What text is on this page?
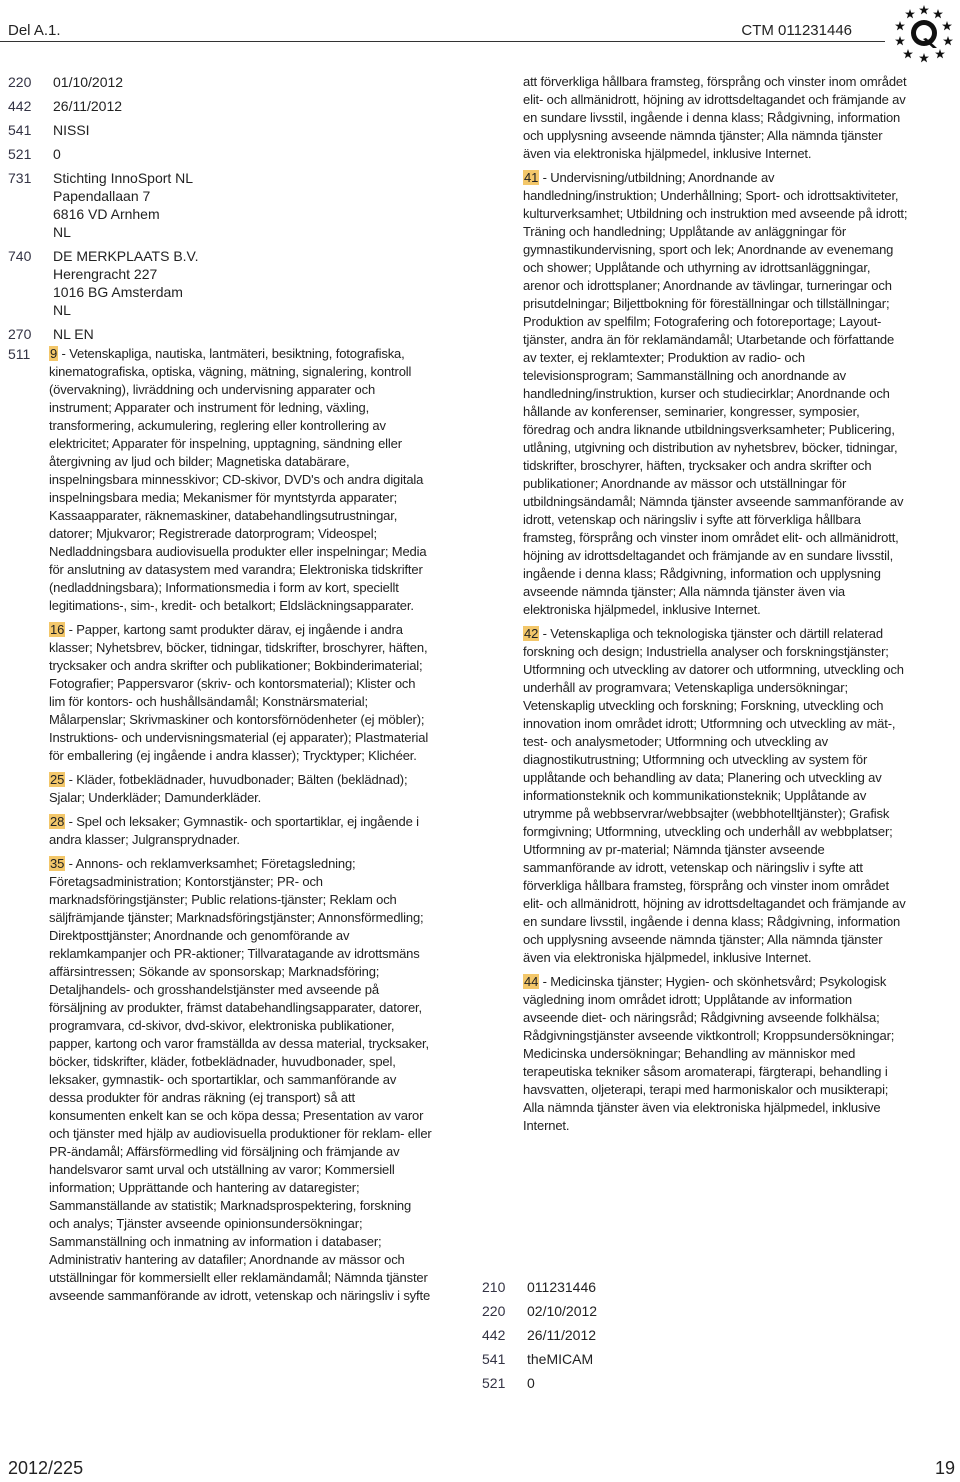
Del A.1.	CTM 011231446
220	01/10/2012
442	26/11/2012
541	NISSI
521	0
731	Stichting InnoSport NL
Papendallaan 7
6816 VD Arnhem
NL
740	DE MERKPLAATS B.V.
Herengracht 227
1016 BG Amsterdam
NL
270	NL EN
511 9 - Vetenskapliga, nautiska, lantmäteri, besiktning, fotografiska, kinematografiska, optiska, vägning, mätning, signalering, kontroll (övervakning), livräddning och undervisning apparater och instrument; Apparater och instrument för ledning, växling, transformering, ackumulering, reglering eller kontrollering av elektricitet; Apparater för inspelning, upptagning, sändning eller återgivning av ljud och bilder; Magnetiska databärare, inspelningsbara minnesskivor; CD-skivor, DVD's och andra digitala inspelningsbara media; Mekanismer för myntstyrda apparater; Kassaapparater, räknemaskiner, databehandlingsutrustningar, datorer; Mjukvaror; Registrerade datorprogram; Videospel; Nedladdningsbara audiovisuella produkter eller inspelningar; Media för anslutning av datasystem med varandra; Elektroniska tidskrifter (nedladdningsbara); Informationsmedia i form av kort, speciellt legitimations-, sim-, kredit- och betalkort; Eldsläckningsapparater.

16 - Papper, kartong samt produkter därav, ej ingående i andra klasser; Nyhetsbrev, böcker, tidningar, tidskrifter, broschyrer, häften, trycksaker och andra skrifter och publikationer; Bokbinderimaterial; Fotografier; Pappersvaror (skriv- och kontorsmaterial); Klister och lim för kontors- och hushållsändamål; Konstnärsmaterial; Målarpenslar; Skrivmaskiner och kontorsförnödenheter (ej möbler); Instruktions- och undervisningsmaterial (ej apparater); Plastmaterial för emballering (ej ingående i andra klasser); Trycktyper; Klichéer.

25 - Kläder, fotbeklädnader, huvudbonader; Bälten (beklädnad); Sjalar; Underkläder; Damunderkläder.

28 - Spel och leksaker; Gymnastik- och sportartiklar, ej ingående i andra klasser; Julgransprydnader.

35 - Annons- och reklamverksamhet; Företagsledning; Företagsadministration; Kontorstjänster; PR- och marknadsföringstjänster; Public relations-tjänster; Reklam och säljfrämjande tjänster; Marknadsföringstjänster; Annonsförmedling; Direktposttjänster; Anordnande och genomförande av reklamkampanjer och PR-aktioner; Tillvaratagande av idrottsmäns affärsintressen; Sökande av sponsorskap; Marknadsföring; Detaljhandels- och grosshandelstjänster med avseende på försäljning av produkter, främst databehandlingsapparater, datorer, programvara, cd-skivor, dvd-skivor, elektroniska publikationer, papper, kartong och varor framställda av dessa material, trycksaker, böcker, tidskrifter, kläder, fotbeklädnader, huvudbonader, spel, leksaker, gymnastik- och sportartiklar, och sammanförande av dessa produkter för andras räkning (ej transport) så att konsumenten enkelt kan se och köpa dessa; Presentation av varor och tjänster med hjälp av audiovisuella produktioner för reklam- eller PR-ändamål; Affärsförmedling vid försäljning och främjande av handelsvaror samt urval och utställning av varor; Kommersiell information; Upprättande och hantering av dataregister; Sammanställande av statistik; Marknadsprospektering, forskning och analys; Tjänster avseende opinionsundersökningar; Sammanställning och inmatning av information i databaser; Administrativ hantering av datafiler; Anordnande av mässor och utställningar för kommersiellt eller reklamändamål; Nämnda tjänster avseende sammanförande av idrott, vetenskap och näringsliv i syfte

att förverkliga hållbara framsteg, försprång och vinster inom området elit- och allmänidrott, höjning av idrottsdeltagandet och främjande av en sundare livsstil, ingående i denna klass; Rådgivning, information och upplysning avseende nämnda tjänster; Alla nämnda tjänster även via elektroniska hjälpmedel, inklusive Internet.

41 - Undervisning/utbildning; Anordnande av handledning/instruktion; Underhållning; Sport- och idrottsaktiviteter, kulturverksamhet; Utbildning och instruktion med avseende på idrott; Träning och handledning; Upplåtande av anläggningar för gymnastikundervisning, sport och lek; Anordnande av evenemang och shower; Upplåtande och uthyrning av idrottsanläggningar, arenor och idrottsplaner; Anordnande av tävlingar, turneringar och prisutdelningar; Biljettbokning för föreställningar och tillställningar; Produktion av spelfilm; Fotografering och fotoreportage; Layout-tjänster, andra än för reklamändamål; Utarbetande och författande av texter, ej reklamtexter; Produktion av radio- och televisionsprogram; Sammanställning och anordnande av handledning/instruktion, kurser och studiecirklar; Anordnande och hållande av konferenser, seminarier, kongresser, symposier, föredrag och andra liknande utbildningsverksamheter; Publicering, utlåning, utgivning och distribution av nyhetsbrev, böcker, tidningar, tidskrifter, broschyrer, häften, trycksaker och andra skrifter och publikationer; Anordnande av mässor och utställningar för utbildningsändamål; Nämnda tjänster avseende sammanförande av idrott, vetenskap och näringsliv i syfte att förverkliga hållbara framsteg, försprång och vinster inom området elit- och allmänidrott, höjning av idrottsdeltagandet och främjande av en sundare livsstil, ingående i denna klass; Rådgivning, information och upplysning avseende nämnda tjänster; Alla nämnda tjänster även via elektroniska hjälpmedel, inklusive Internet.

42 - Vetenskapliga och teknologiska tjänster och därtill relaterad forskning och design; Industriella analyser och forskningstjänster; Utformning och utveckling av datorer och utformning, utveckling och underhåll av programvara; Vetenskapliga undersökningar; Vetenskaplig utveckling och forskning; Forskning, utveckling och innovation inom området idrott; Utformning och utveckling av mät-, test- och analysmetoder; Utformning och utveckling av diagnostikutrustning; Utformning och utveckling av system för upplåtande och behandling av data; Planering och utveckling av informationsteknik och kommunikationsteknik; Upplåtande av utrymme på webbservrar/webbsajter (webbhotelltjänster); Grafisk formgivning; Utformning, utveckling och underhåll av webbplatser; Utformning av pr-material; Nämnda tjänster avseende sammanförande av idrott, vetenskap och näringsliv i syfte att förverkliga hållbara framsteg, försprång och vinster inom området elit- och allmänidrott, höjning av idrottsdeltagandet och främjande av en sundare livsstil, ingående i denna klass; Rådgivning, information och upplysning avseende nämnda tjänster; Alla nämnda tjänster även via elektroniska hjälpmedel, inklusive Internet.

44 - Medicinska tjänster; Hygien- och skönhetsvård; Psykologisk vägledning inom området idrott; Upplåtande av information avseende diet- och näringsråd; Rådgivning avseende folkhälsa; Rådgivningstjänster avseende viktkontroll; Kroppsundersökningar; Medicinska undersökningar; Behandling av människor med terapeutiska tekniker såsom aromaterapi, färgterapi, behandling i havsvatten, oljeterapi, terapi med harmoniskalor och musikterapi; Alla nämnda tjänster även via elektroniska hjälpmedel, inklusive Internet.

210	011231446
220	02/10/2012
442	26/11/2012
541	theMICAM
521	0
2012/225	19
